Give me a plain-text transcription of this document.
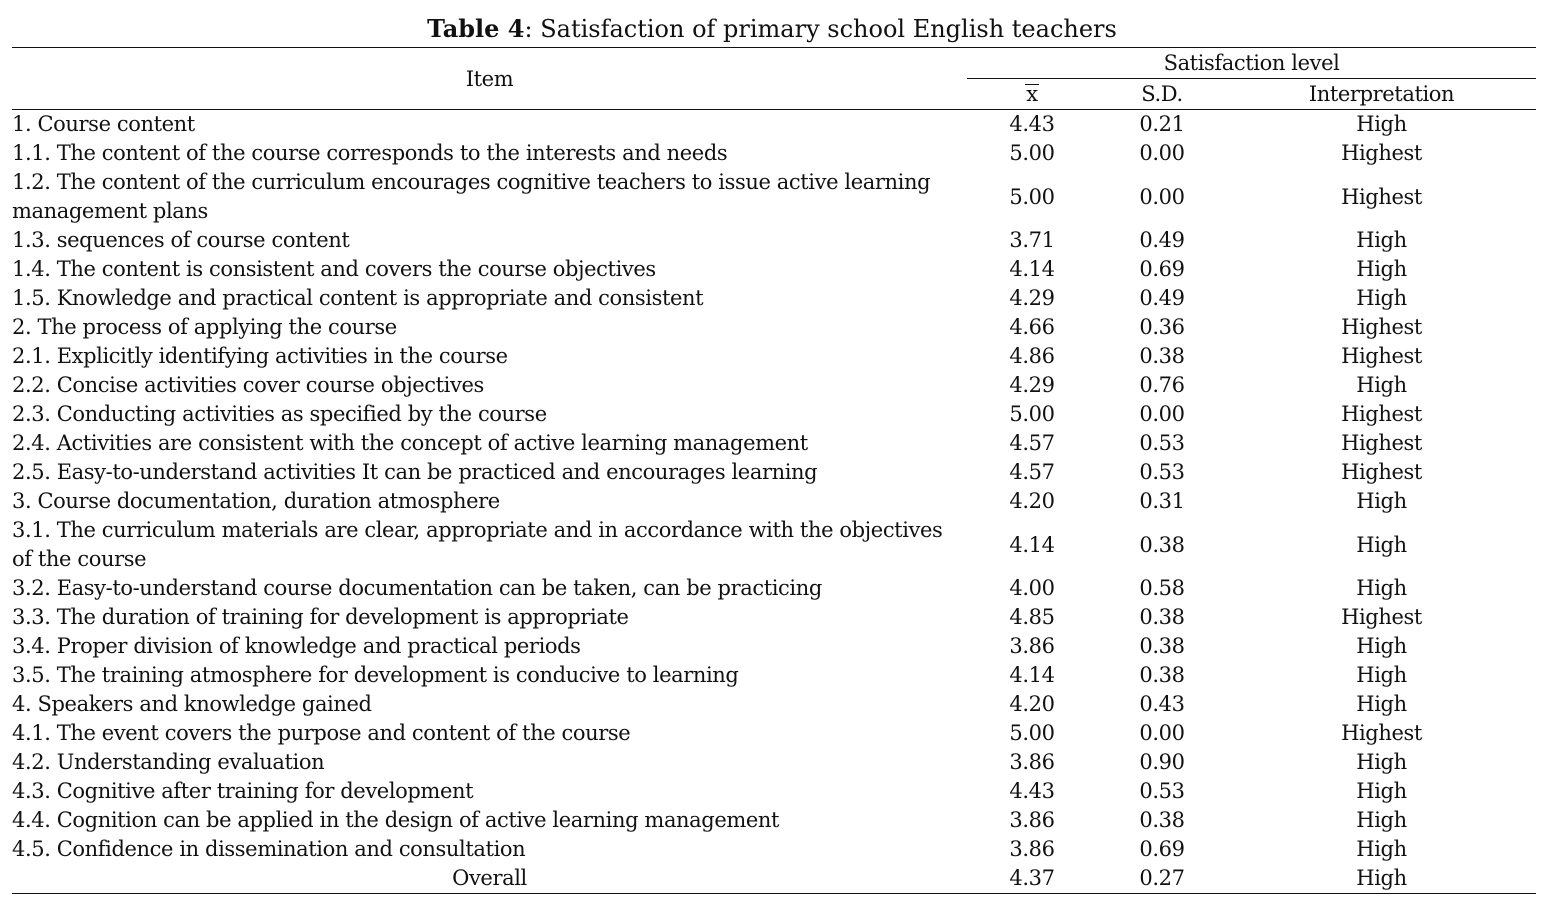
Table 4: Satisfaction of primary school English teachers
Item	Satisfaction level		
	x	S.D.	Interpretation
1. Course content	4.43	0.21	High
1.1. The content of the course corresponds to the interests and needs	5.00	0.00	Highest
1.2. The content of the curriculum encourages cognitive teachers to issue active learning management plans	5.00	0.00	Highest
1.3. sequences of course content	3.71	0.49	High
1.4. The content is consistent and covers the course objectives	4.14	0.69	High
1.5. Knowledge and practical content is appropriate and consistent	4.29	0.49	High
2. The process of applying the course	4.66	0.36	Highest
2.1. Explicitly identifying activities in the course	4.86	0.38	Highest
2.2. Concise activities cover course objectives	4.29	0.76	High
2.3. Conducting activities as specified by the course	5.00	0.00	Highest
2.4. Activities are consistent with the concept of active learning management	4.57	0.53	Highest
2.5. Easy-to-understand activities It can be practiced and encourages learning	4.57	0.53	Highest
3. Course documentation, duration atmosphere	4.20	0.31	High
3.1. The curriculum materials are clear, appropriate and in accordance with the objectives of the course	4.14	0.38	High
3.2. Easy-to-understand course documentation can be taken, can be practicing	4.00	0.58	High
3.3. The duration of training for development is appropriate	4.85	0.38	Highest
3.4. Proper division of knowledge and practical periods	3.86	0.38	High
3.5. The training atmosphere for development is conducive to learning	4.14	0.38	High
4. Speakers and knowledge gained	4.20	0.43	High
4.1. The event covers the purpose and content of the course	5.00	0.00	Highest
4.2. Understanding evaluation	3.86	0.90	High
4.3. Cognitive after training for development	4.43	0.53	High
4.4. Cognition can be applied in the design of active learning management	3.86	0.38	High
4.5. Confidence in dissemination and consultation	3.86	0.69	High
Overall	4.37	0.27	High
